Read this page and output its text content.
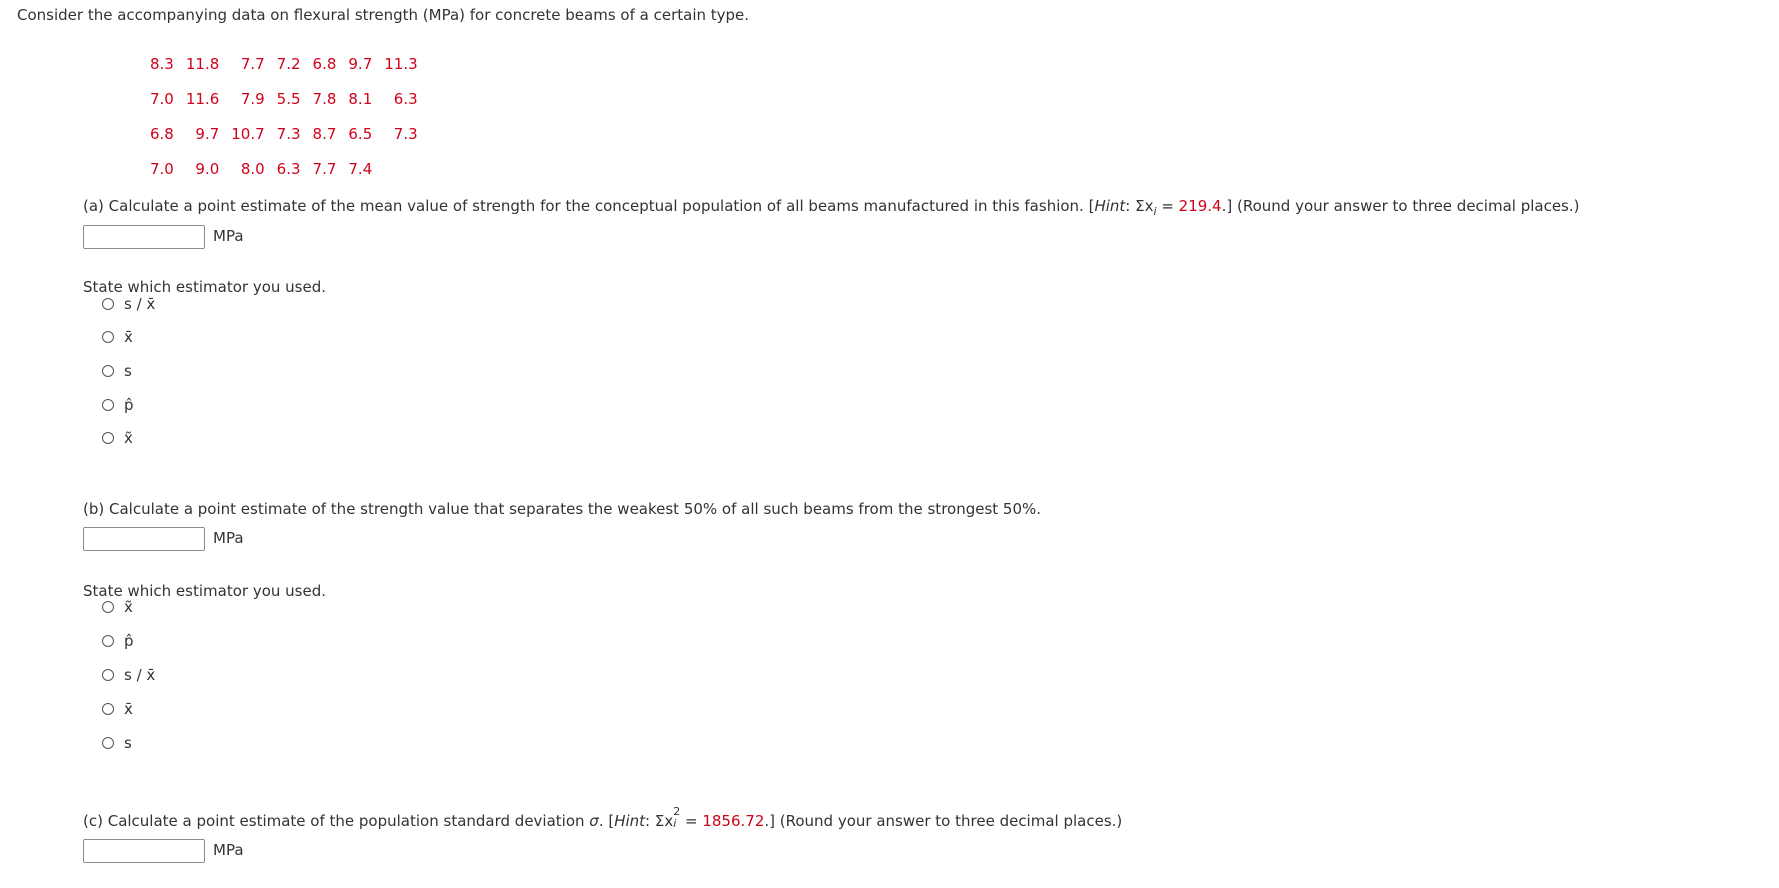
Consider the accompanying data on flexural strength (MPa) for concrete beams of a certain type.
8.3	11.8	7.7	7.2	6.8	9.7	11.3
7.0	11.6	7.9	5.5	7.8	8.1	6.3
6.8	9.7	10.7	7.3	8.7	6.5	7.3
7.0	9.0	8.0	6.3	7.7	7.4	
(a) Calculate a point estimate of the mean value of strength for the conceptual population of all beams manufactured in this fashion. [Hint: $\Sigma x_i = 219.4$.] (Round your answer to three decimal places.)
MPa
State which estimator you used.
s / x̄
x̄
s
p̂
x̃
(b) Calculate a point estimate of the strength value that separates the weakest 50% of all such beams from the strongest 50%.
MPa
State which estimator you used.
x̃
p̂
s / x̄
x̄
s
(c) Calculate a point estimate of the population standard deviation σ. [Hint: Σx i
2
= 1856.72.] (Round your answer to three decimal places.)
MPa
